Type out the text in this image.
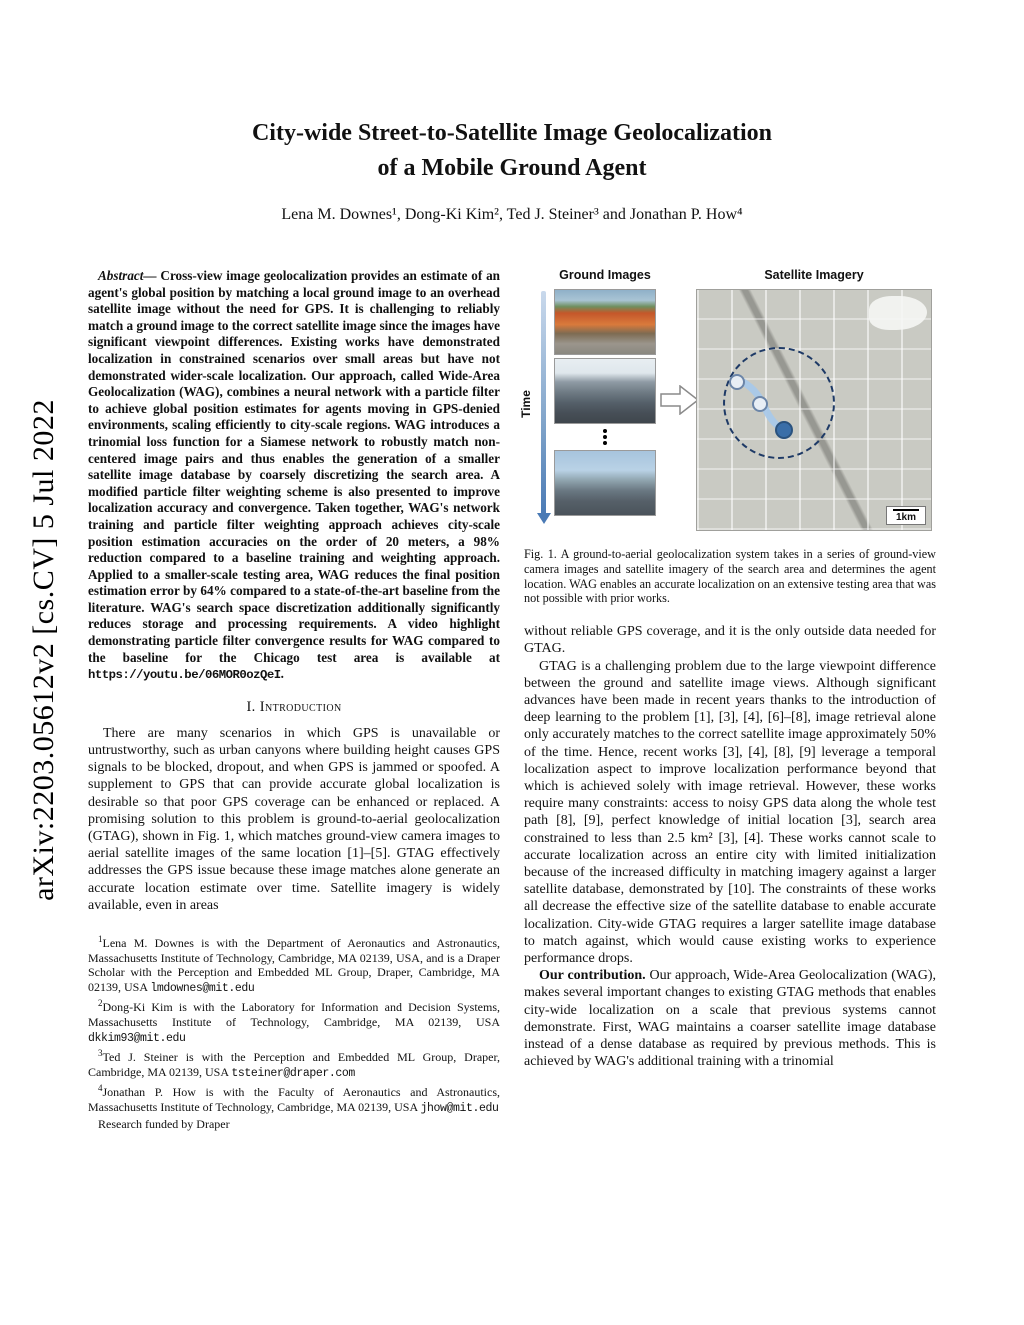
arXiv:2203.05612v2 [cs.CV] 5 Jul 2022
City-wide Street-to-Satellite Image Geolocalization
of a Mobile Ground Agent
Lena M. Downes¹, Dong-Ki Kim², Ted J. Steiner³ and Jonathan P. How⁴

Abstract— Cross-view image geolocalization provides an estimate of an agent's global position by matching a local ground image to an overhead satellite image without the need for GPS. It is challenging to reliably match a ground image to the correct satellite image since the images have significant viewpoint differences. Existing works have demonstrated localization in constrained scenarios over small areas but have not demonstrated wider-scale localization. Our approach, called Wide-Area Geolocalization (WAG), combines a neural network with a particle filter to achieve global position estimates for agents moving in GPS-denied environments, scaling efficiently to city-scale regions. WAG introduces a trinomial loss function for a Siamese network to robustly match non-centered image pairs and thus enables the generation of a smaller satellite image database by coarsely discretizing the search area. A modified particle filter weighting scheme is also presented to improve localization accuracy and convergence. Taken together, WAG's network training and particle filter weighting approach achieves city-scale position estimation accuracies on the order of 20 meters, a 98% reduction compared to a baseline training and weighting approach. Applied to a smaller-scale testing area, WAG reduces the final position estimation error by 64% compared to a state-of-the-art baseline from the literature. WAG's search space discretization additionally significantly reduces storage and processing requirements. A video highlight demonstrating particle filter convergence results for WAG compared to the baseline for the Chicago test area is available at https://youtu.be/06MOR0ozQeI.

I. Introduction

There are many scenarios in which GPS is unavailable or untrustworthy, such as urban canyons where building height causes GPS signals to be blocked, dropout, and when GPS is jammed or spoofed. A supplement to GPS that can provide accurate global localization is desirable so that poor GPS coverage can be enhanced or replaced. A promising solution to this problem is ground-to-aerial geolocalization (GTAG), shown in Fig. 1, which matches ground-view camera images to aerial satellite images of the same location [1]–[5]. GTAG effectively addresses the GPS issue because these image matches alone generate an accurate location estimate over time. Satellite imagery is widely available, even in areas

$^1$Lena M. Downes is with the Department of Aeronautics and Astronautics, Massachusetts Institute of Technology, Cambridge, MA 02139, USA, and is a Draper Scholar with the Perception and Embedded ML Group, Draper, Cambridge, MA 02139, USA lmdownes@mit.edu

$^2$Dong-Ki Kim is with the Laboratory for Information and Decision Systems, Massachusetts Institute of Technology, Cambridge, MA 02139, USA dkkim93@mit.edu

$^3$Ted J. Steiner is with the Perception and Embedded ML Group, Draper, Cambridge, MA 02139, USA tsteiner@draper.com

$^4$Jonathan P. How is with the Faculty of Aeronautics and Astronautics, Massachusetts Institute of Technology, Cambridge, MA 02139, USA jhow@mit.edu

Research funded by Draper

Ground Images	Satellite Imagery
Time
1km

Fig. 1. A ground-to-aerial geolocalization system takes in a series of ground-view camera images and satellite imagery of the search area and determines the agent location. WAG enables an accurate localization on an extensive testing area that was not possible with prior works.

without reliable GPS coverage, and it is the only outside data needed for GTAG.

GTAG is a challenging problem due to the large viewpoint difference between the ground and satellite image views. Although significant advances have been made in recent years thanks to the introduction of deep learning to the problem [1], [3], [4], [6]–[8], image retrieval alone only accurately matches to the correct satellite image approximately 50% of the time. Hence, recent works [3], [4], [8], [9] leverage a temporal localization aspect to improve localization performance beyond that which is achieved solely with image retrieval. However, these works require many constraints: access to noisy GPS data along the whole test path [8], [9], perfect knowledge of initial location [3], search area constrained to less than 2.5 km² [3], [4]. These works cannot scale to accurate localization across an entire city with limited initialization because of the increased difficulty in matching imagery against a larger satellite database, demonstrated by [10]. The constraints of these works all decrease the effective size of the satellite database to enable accurate localization. City-wide GTAG requires a larger satellite image database to match against, which would cause existing works to experience performance drops.

Our contribution. Our approach, Wide-Area Geolocalization (WAG), makes several important changes to existing GTAG methods that enables city-wide localization on a scale that previous systems cannot demonstrate. First, WAG maintains a coarser satellite image database instead of a dense database as required by previous methods. This is achieved by WAG's additional training with a trinomial
